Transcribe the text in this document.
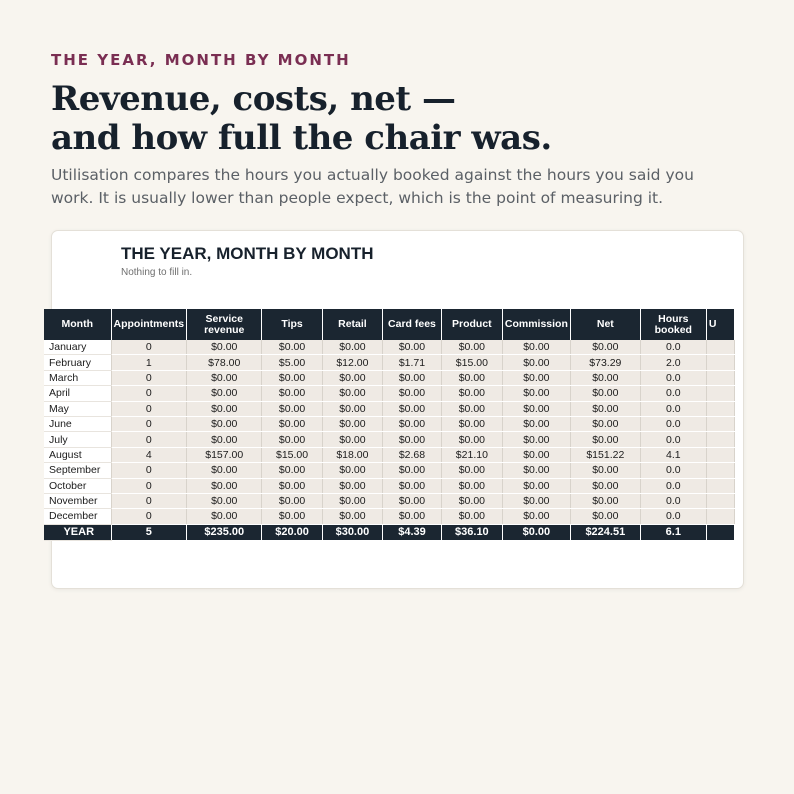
THE YEAR, MONTH BY MONTH
Revenue, costs, net —
and how full the chair was.

Utilisation compares the hours you actually booked against the hours you said you work. It is usually lower than people expect, which is the point of measuring it.

THE YEAR, MONTH BY MONTH
Nothing to fill in.
Month	Appointments	Service revenue	Tips	Retail	Card fees	Product	Commission	Net	Hours booked	U
January	0	$0.00	$0.00	$0.00	$0.00	$0.00	$0.00	$0.00	0.0	
February	1	$78.00	$5.00	$12.00	$1.71	$15.00	$0.00	$73.29	2.0	
March	0	$0.00	$0.00	$0.00	$0.00	$0.00	$0.00	$0.00	0.0	
April	0	$0.00	$0.00	$0.00	$0.00	$0.00	$0.00	$0.00	0.0	
May	0	$0.00	$0.00	$0.00	$0.00	$0.00	$0.00	$0.00	0.0	
June	0	$0.00	$0.00	$0.00	$0.00	$0.00	$0.00	$0.00	0.0	
July	0	$0.00	$0.00	$0.00	$0.00	$0.00	$0.00	$0.00	0.0	
August	4	$157.00	$15.00	$18.00	$2.68	$21.10	$0.00	$151.22	4.1	
September	0	$0.00	$0.00	$0.00	$0.00	$0.00	$0.00	$0.00	0.0	
October	0	$0.00	$0.00	$0.00	$0.00	$0.00	$0.00	$0.00	0.0	
November	0	$0.00	$0.00	$0.00	$0.00	$0.00	$0.00	$0.00	0.0	
December	0	$0.00	$0.00	$0.00	$0.00	$0.00	$0.00	$0.00	0.0	
YEAR	5	$235.00	$20.00	$30.00	$4.39	$36.10	$0.00	$224.51	6.1	
